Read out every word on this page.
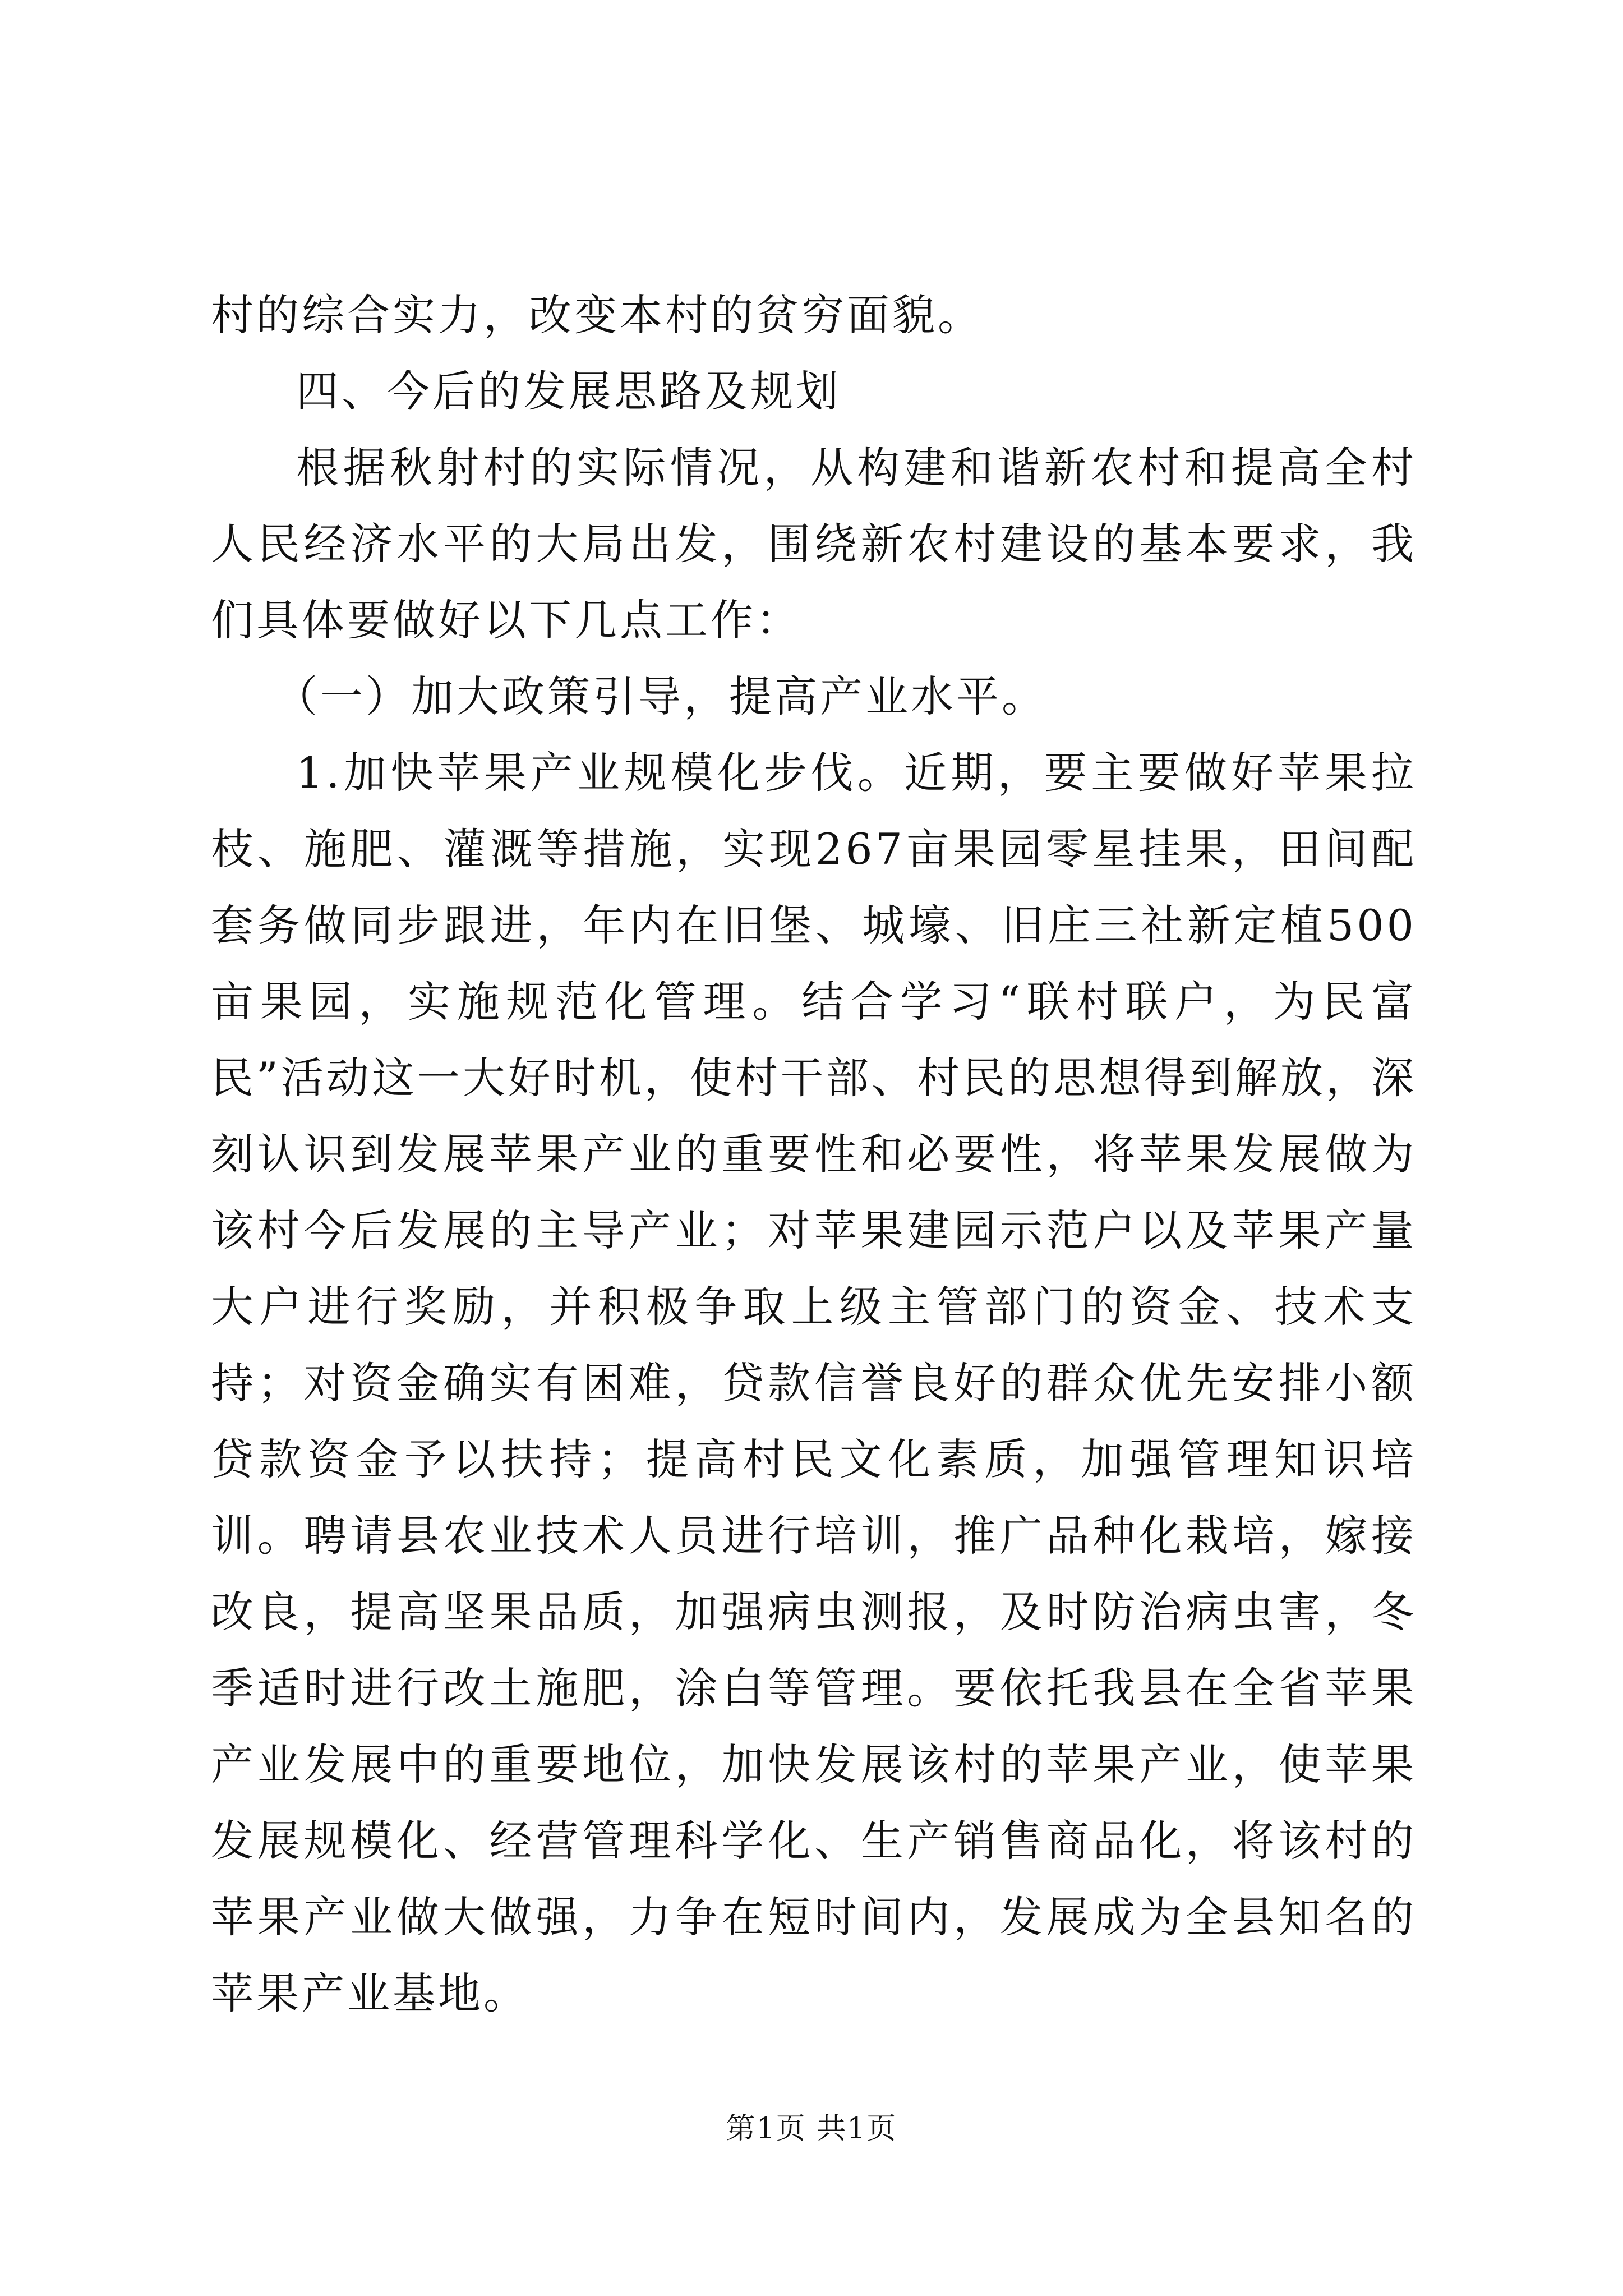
村的综合实力，改变本村的贫穷面貌。

四、今后的发展思路及规划

根据秋射村的实际情况，从构建和谐新农村和提高全村人民经济水平的大局出发，围绕新农村建设的基本要求，我们具体要做好以下几点工作：

（一）加大政策引导，提高产业水平。

1.加快苹果产业规模化步伐。近期，要主要做好苹果拉枝、施肥、灌溉等措施，实现267亩果园零星挂果，田间配套务做同步跟进，年内在旧堡、城壕、旧庄三社新定植500亩果园，实施规范化管理。结合学习“联村联户，为民富民”活动这一大好时机，使村干部、村民的思想得到解放，深刻认识到发展苹果产业的重要性和必要性，将苹果发展做为该村今后发展的主导产业；对苹果建园示范户以及苹果产量大户进行奖励，并积极争取上级主管部门的资金、技术支持；对资金确实有困难，贷款信誉良好的群众优先安排小额贷款资金予以扶持；提高村民文化素质，加强管理知识培训。聘请县农业技术人员进行培训，推广品种化栽培，嫁接改良，提高坚果品质，加强病虫测报，及时防治病虫害，冬季适时进行改土施肥，涂白等管理。要依托我县在全省苹果产业发展中的重要地位，加快发展该村的苹果产业，使苹果发展规模化、经营管理科学化、生产销售商品化，将该村的苹果产业做大做强，力争在短时间内，发展成为全县知名的苹果产业基地。

第1页 共1页
